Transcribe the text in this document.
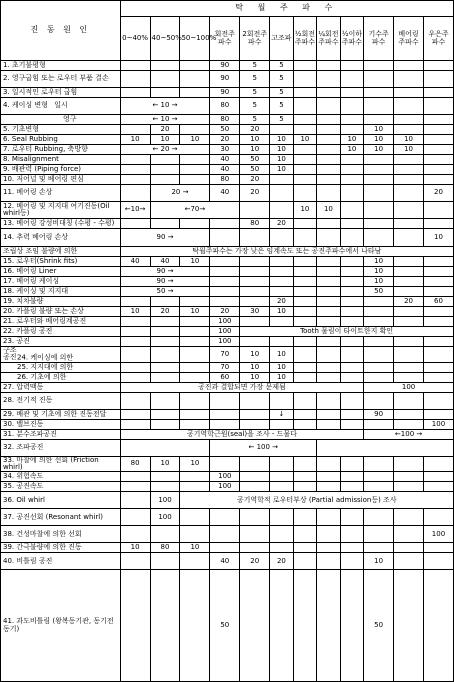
진 동 원 인	탁 월 주 파 수											
	0~40%	40~50%	50~100%	회전주파수	2회전주파수	고조파	½회전주파수	¼회전주파수	½이하주파수	기수주파수	베어링주파수	우은주파수
1. 초기불평형				90	5	5						
2. 영구굽힘 또는 로우터 부품 결손				90	5	5						
3. 일시적인 로우터 굽힘				90	5	5						
4. 케이싱 변형 일시	← 10 →			80	5	5						
영구	← 10 →			80	5	5						
5. 기초변형		20		50	20					10		
6. Seal Rubbing	10	10	10	20	10	10	10		10	10	10	
7. 로우터 Rubbing, 축방향	← 20 →			30	10	10			10	10	10	
8. Misalignment				40	50	10						
9. 배관력 (Piping force)				40	50	10						
10. 저어널 및 베어링 편심				80	20							
11. 베어링 손상		20 →		40	20							20
12. 베어링 및 지지대 여기진동(Oil whirl등)	←10→	←70→					10	10				
13. 베어링 강성비대칭 (수평 - 수평)					80	20						
14. 추력 베어링 손상	90 →											10
조립상 조임 불량에 의한	탁월주파수는 가장 낮은 임계속도 또는 공진주파수에서 나타남											
15. 로우터(Shrink fits)	40	40	10							10		
16. 베어링 Liner	90 →									10		
17. 베어링 케이싱	90 →									10		
18. 케이싱 및 지지대	50 →									50		
19. 치차불량						20					20	60
20. 카플링 불량 또는 손상	10	20	10	20	30	10						
21. 로우터와 베어링계공진				100								
22. 카플링 공진				100	Tooth 물림이 타이트한지 확인							
23. 공진				100								
구조공진24. 케이싱에 의한				70	10	10						
25. 지지대에 의한				70	10	10						
26. 기초에 의한				60	10	10						
27. 압력맥동	공진과 결합되면 가장 문제됨									100		
28. 전기적 진동												
29. 배관 및 기초에 의한 진동전달						↓				90		
30. 밸브진동												100
31. 분수조파공진	공기역학근원(seal)을 조사 - 드물다									←100 →		
32. 조파공진				← 100 →								
33. 마찰에 의한 선회 (Friction whirl)	80	10	10									
34. 위험속도				100								
35. 공진속도				100								
36. Oil whirl		100	공기역학적 로우터부상 (Partial admission등) 조사									
37. 공진선회 (Resonant whirl)		100										
38. 건성마찰에 의한 선회												100
39. 간극불량에 의한 진동	10	80	10									
40. 비틀림 공진				40	20	20				10		
41. 과도비틀림 (왕복동기관, 동기전동기)				50						50		
